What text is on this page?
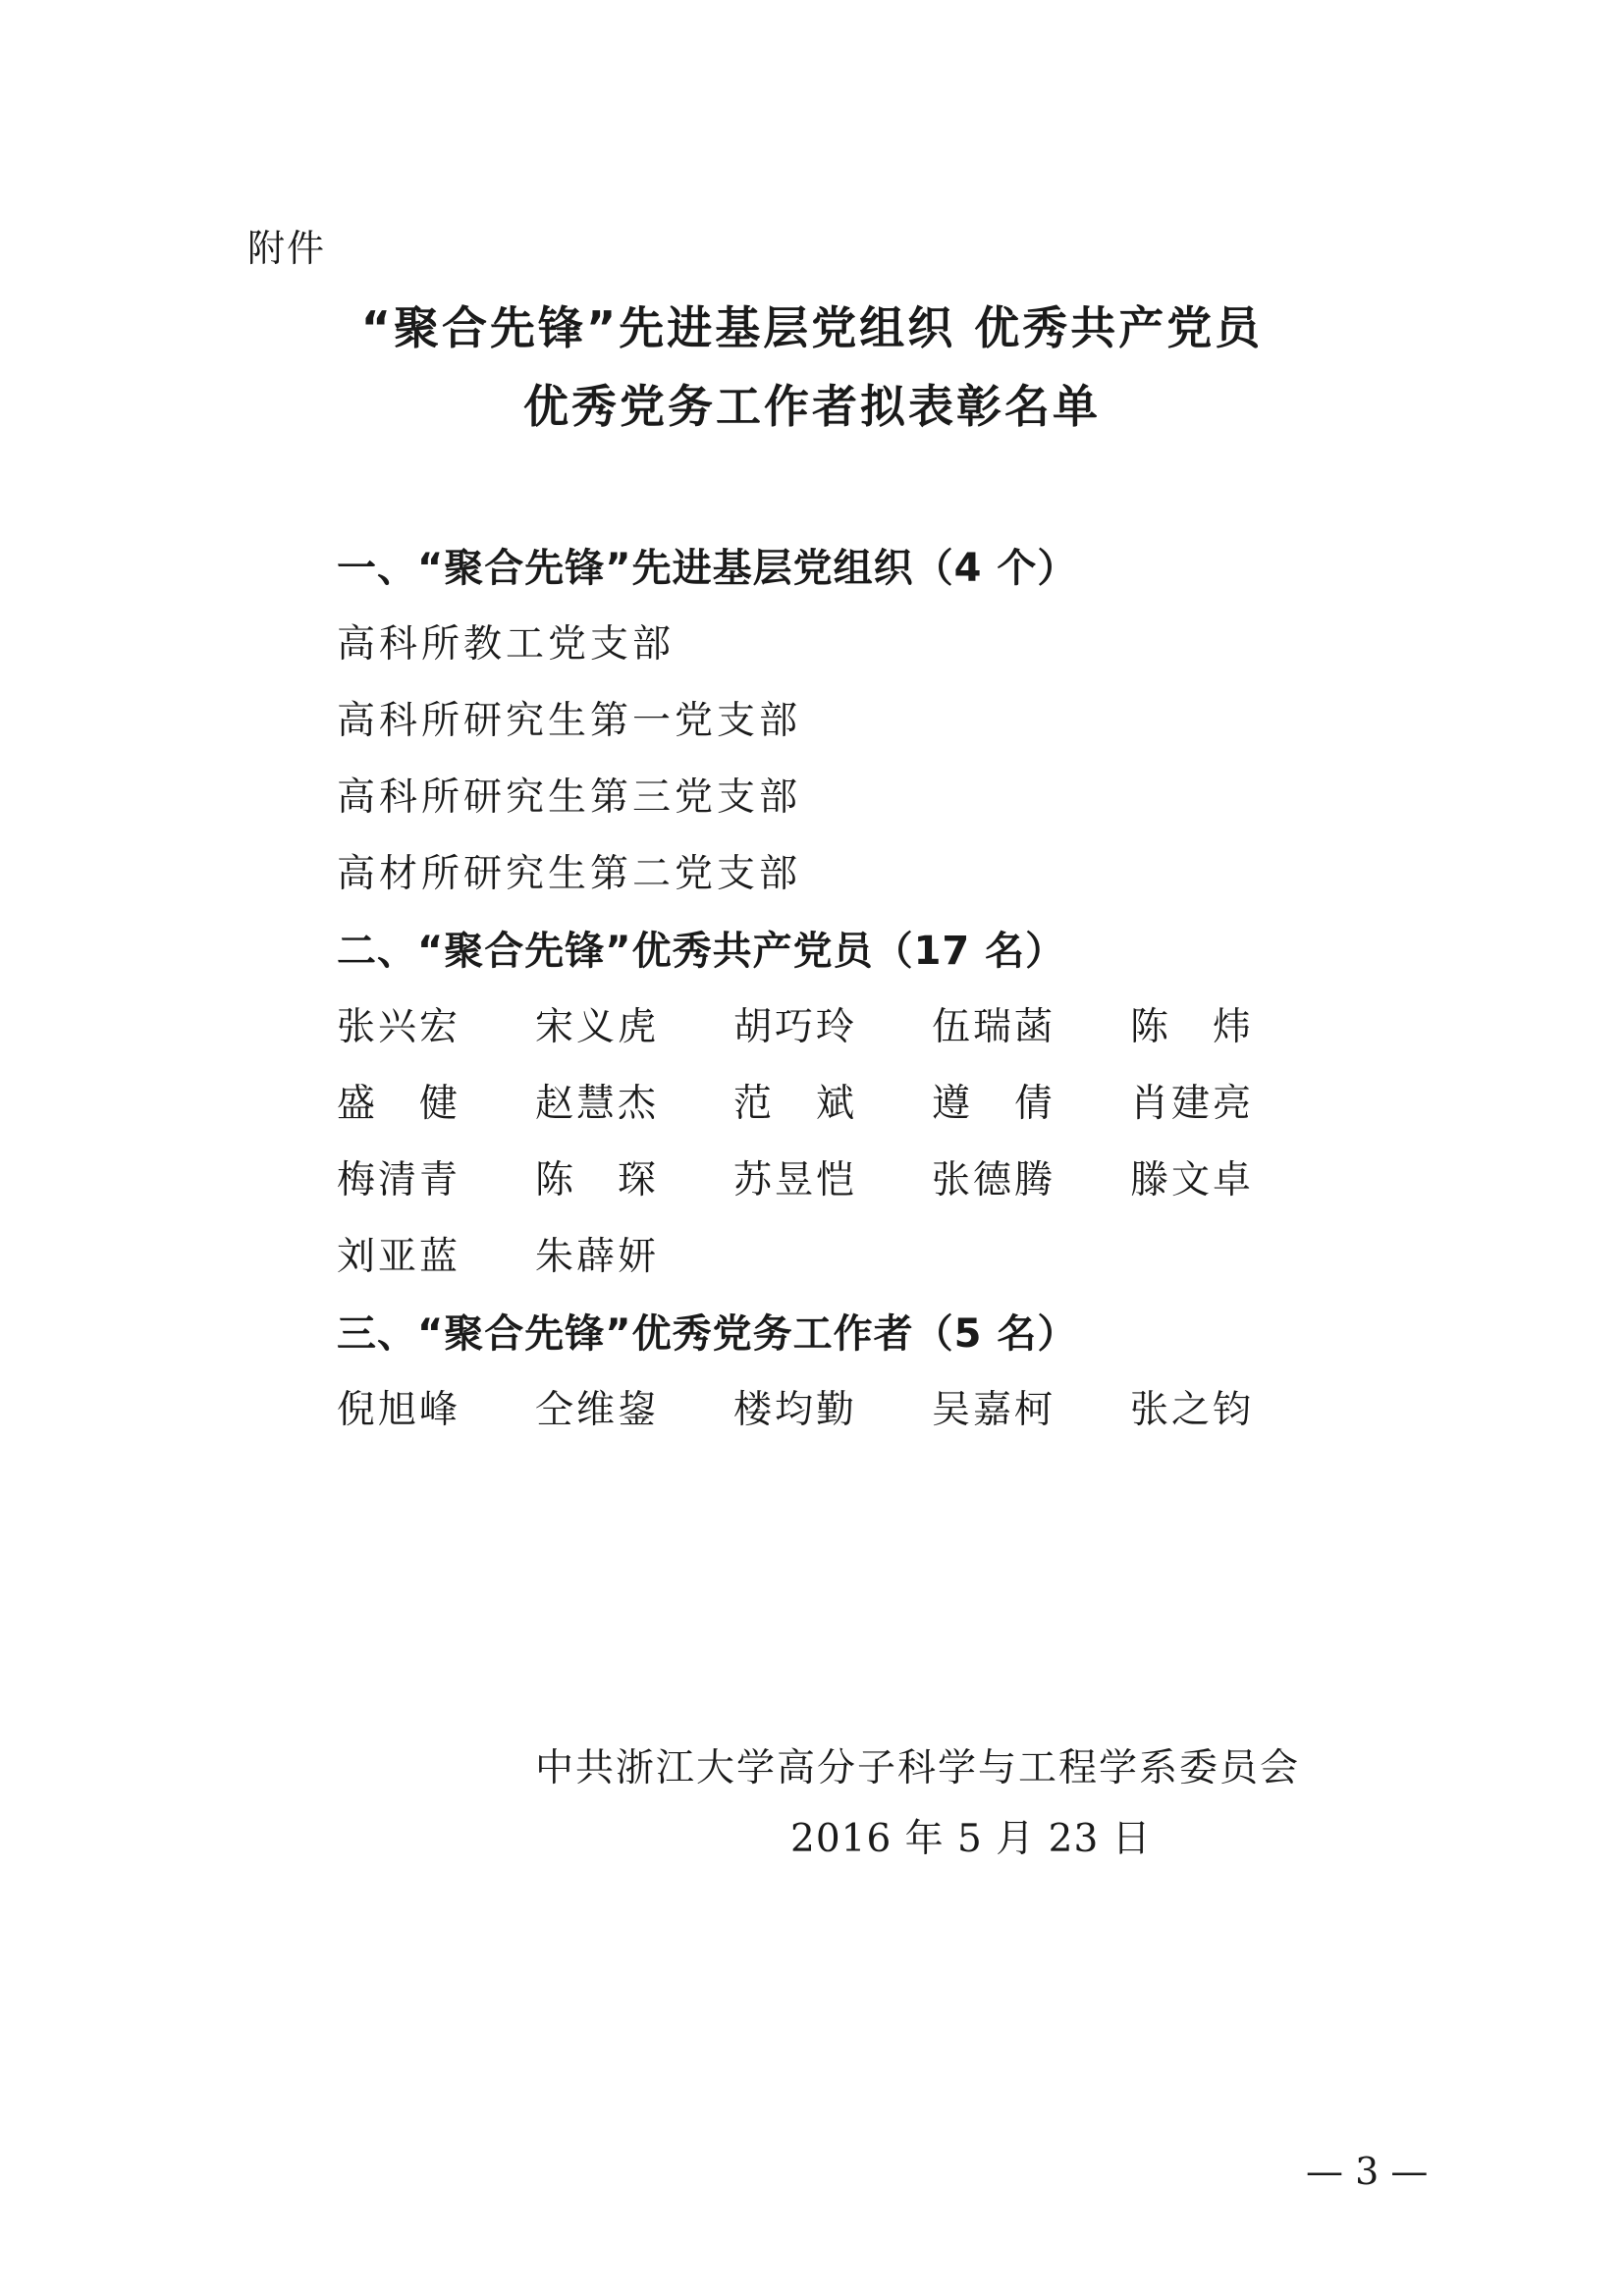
附件
“聚合先锋”先进基层党组织 优秀共产党员
优秀党务工作者拟表彰名单
一、“聚合先锋”先进基层党组织（4 个）
高科所教工党支部
高科所研究生第一党支部
高科所研究生第三党支部
高材所研究生第二党支部
二、“聚合先锋”优秀共产党员（17 名）
张兴宏	宋义虎	胡巧玲	伍瑞菡	陈　炜
盛　健	赵慧杰	范　斌	遵　倩	肖建亮
梅清青	陈　琛	苏昱恺	张德腾	滕文卓
刘亚蓝	朱薜妍
三、“聚合先锋”优秀党务工作者（5 名）
倪旭峰	仝维鋆	楼均勤	吴嘉柯	张之钧
中共浙江大学高分子科学与工程学系委员会
2016 年 5 月 23 日
— 3 —
